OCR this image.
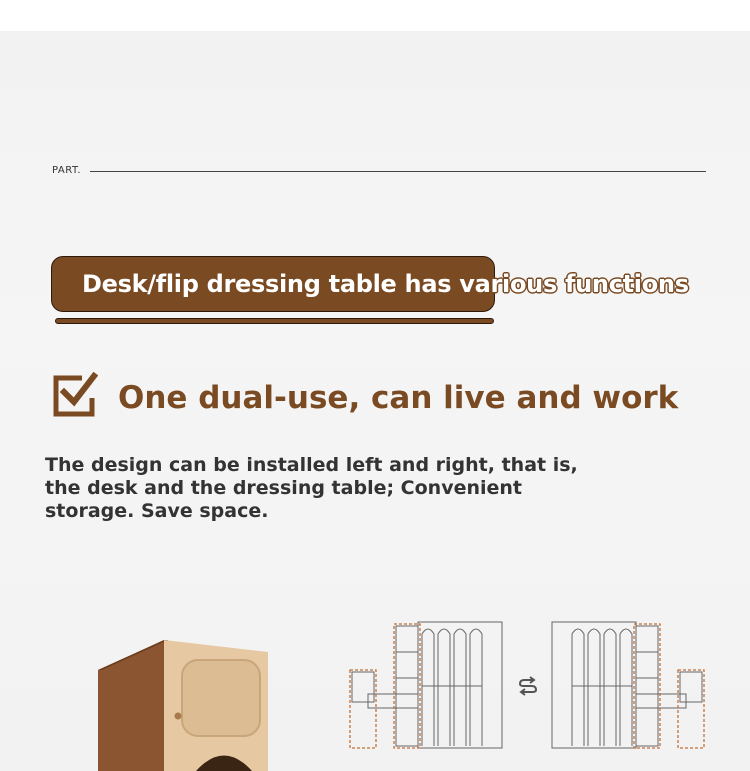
PART.
Desk/flip dressing table has various functions
One dual-use, can live and work
The design can be installed left and right, that is,
the desk and the dressing table; Convenient
storage. Save space.
